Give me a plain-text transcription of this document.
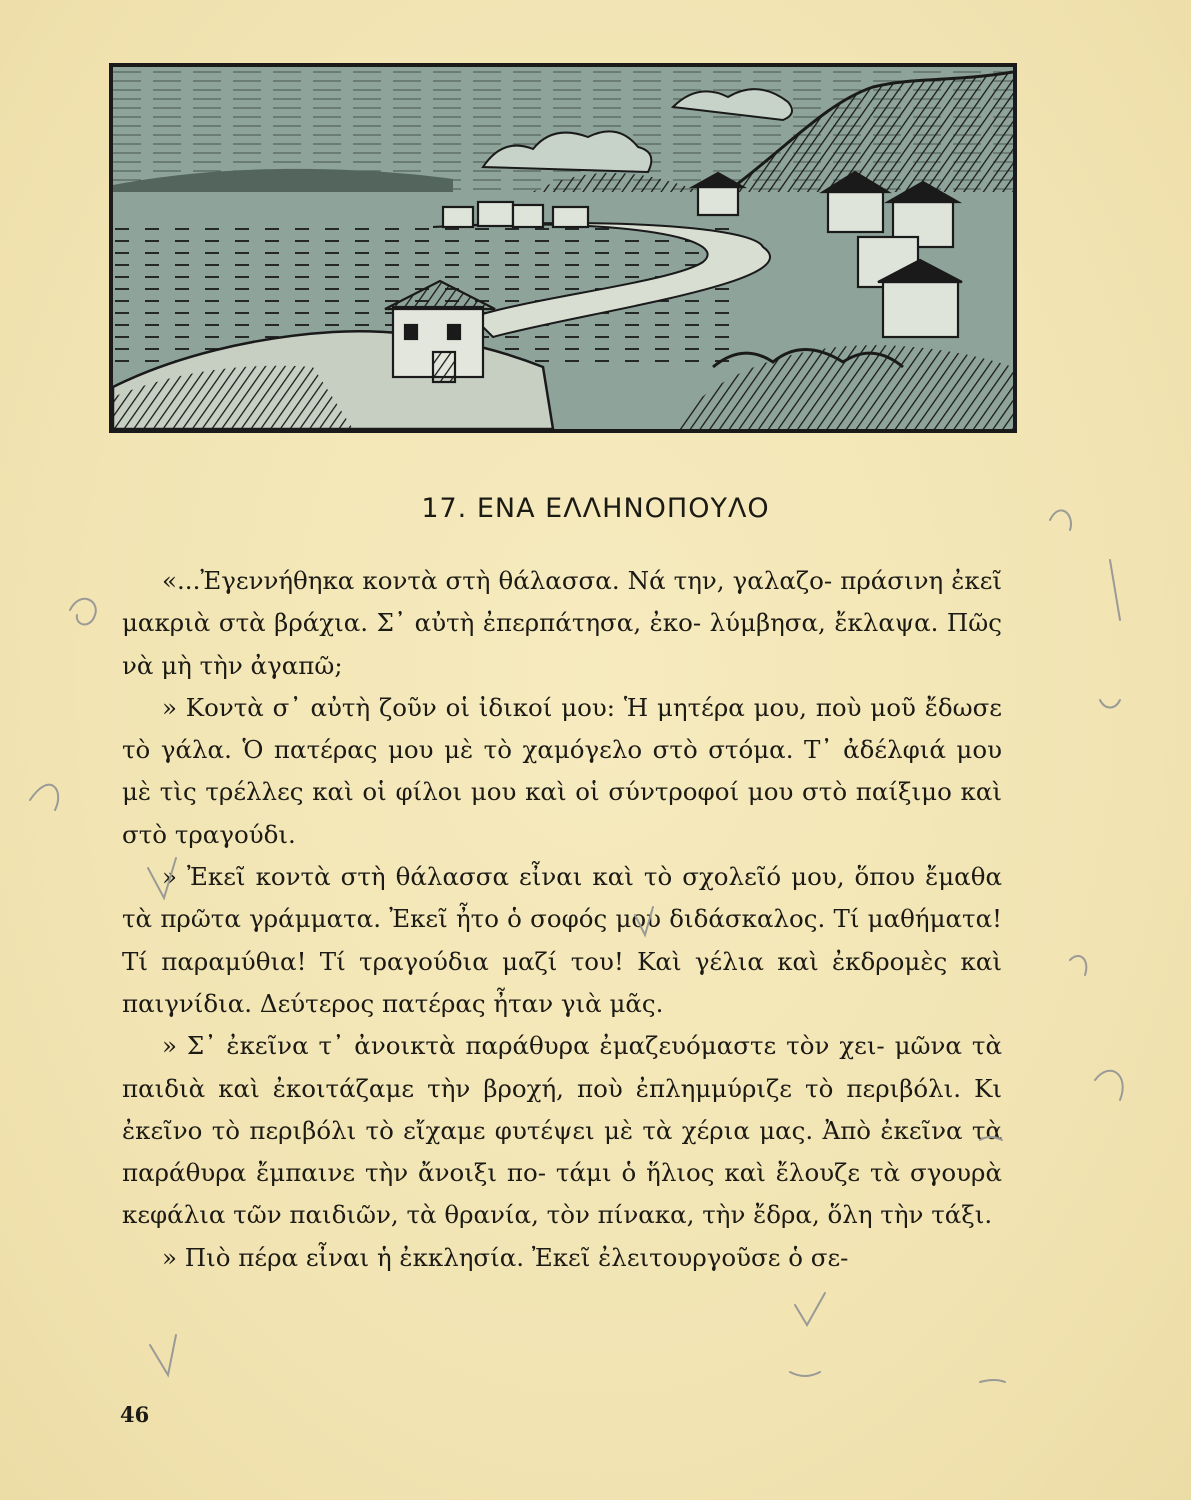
17. ΕΝΑ ΕΛΛΗΝΟΠΟΥΛΟ

«...Ἐγεννήθηκα κοντὰ στὴ θάλασσα. Νά την, γαλαζο- πράσινη ἐκεῖ μακριὰ στὰ βράχια. Σ᾽ αὐτὴ ἐπερπάτησα, ἐκο- λύμβησα, ἔκλαψα. Πῶς νὰ μὴ τὴν ἀγαπῶ;

» Κοντὰ σ᾽ αὐτὴ ζοῦν οἱ ἰδικοί μου: Ἡ μητέρα μου, ποὺ μοῦ ἔδωσε τὸ γάλα. Ὁ πατέρας μου μὲ τὸ χαμόγελο στὸ στόμα. Τ᾽ ἀδέλφιά μου μὲ τὶς τρέλλες καὶ οἱ φίλοι μου καὶ οἱ σύντροφοί μου στὸ παίξιμο καὶ στὸ τραγούδι.

» Ἐκεῖ κοντὰ στὴ θάλασσα εἶναι καὶ τὸ σχολεῖό μου, ὅπου ἔμαθα τὰ πρῶτα γράμματα. Ἐκεῖ ἦτο ὁ σοφός μου διδάσκαλος. Τί μαθήματα! Τί παραμύθια! Τί τραγούδια μαζί του! Καὶ γέλια καὶ ἐκδρομὲς καὶ παιγνίδια. Δεύτερος πατέρας ἦταν γιὰ μᾶς.

» Σ᾽ ἐκεῖνα τ᾽ ἀνοικτὰ παράθυρα ἐμαζευόμαστε τὸν χει- μῶνα τὰ παιδιὰ καὶ ἐκοιτάζαμε τὴν βροχή, ποὺ ἐπλημμύριζε τὸ περιβόλι. Κι ἐκεῖνο τὸ περιβόλι τὸ εἴχαμε φυτέψει μὲ τὰ χέρια μας. Ἀπὸ ἐκεῖνα τὰ παράθυρα ἔμπαινε τὴν ἄνοιξι πο- τάμι ὁ ἥλιος καὶ ἔλουζε τὰ σγουρὰ κεφάλια τῶν παιδιῶν, τὰ θρανία, τὸν πίνακα, τὴν ἔδρα, ὅλη τὴν τάξι.

» Πιὸ πέρα εἶναι ἡ ἐκκλησία. Ἐκεῖ ἐλειτουργοῦσε ὁ σε-

46
